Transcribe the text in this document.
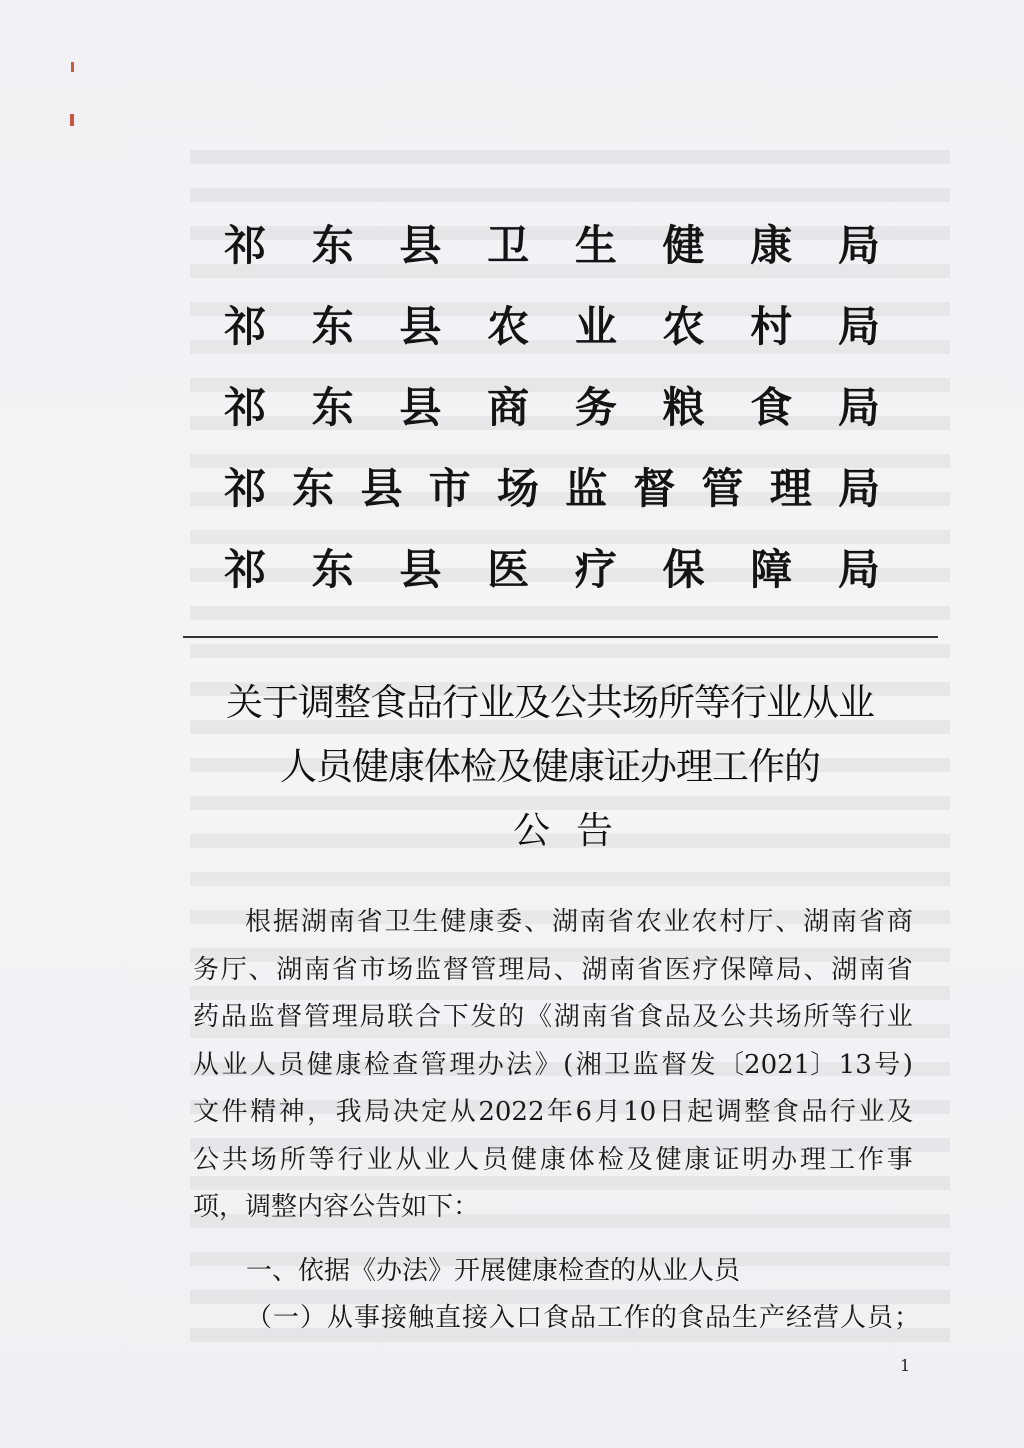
祁 东 县 卫 生 健 康 局
祁 东 县 农 业 农 村 局
祁 东 县 商 务 粮 食 局
祁 东 县 市 场 监 督 管 理 局
祁 东 县 医 疗 保 障 局
关于调整食品行业及公共场所等行业从业
人员健康体检及健康证办理工作的
公告
根 据 湖 南 省 卫 生 健 康 委 、 湖 南 省 农 业 农 村 厅 、 湖 南 省 商
务 厅 、 湖 南 省 市 场 监 督 管 理 局 、 湖 南 省 医 疗 保 障 局 、 湖 南 省
药 品 监 督 管 理 局 联 合 下 发 的 《 湖 南 省 食 品 及 公 共 场 所 等 行 业
从 业 人 员 健 康 检 查 管 理 办 法 》 ( 湘 卫 监 督 发 〔2021〕 13 号 )
文 件 精 神 ， 我 局 决 定 从 2022 年 6 月 10 日 起 调 整 食 品 行 业 及
公 共 场 所 等 行 业 从 业 人 员 健 康 体 检 及 健 康 证 明 办 理 工 作 事
项 ， 调 整 内 容 公 告 如 下 ：
一、依据《办法》开展健康检查的从业人员
（一）从事接触直接入口食品工作的食品生产经营人员；
1
